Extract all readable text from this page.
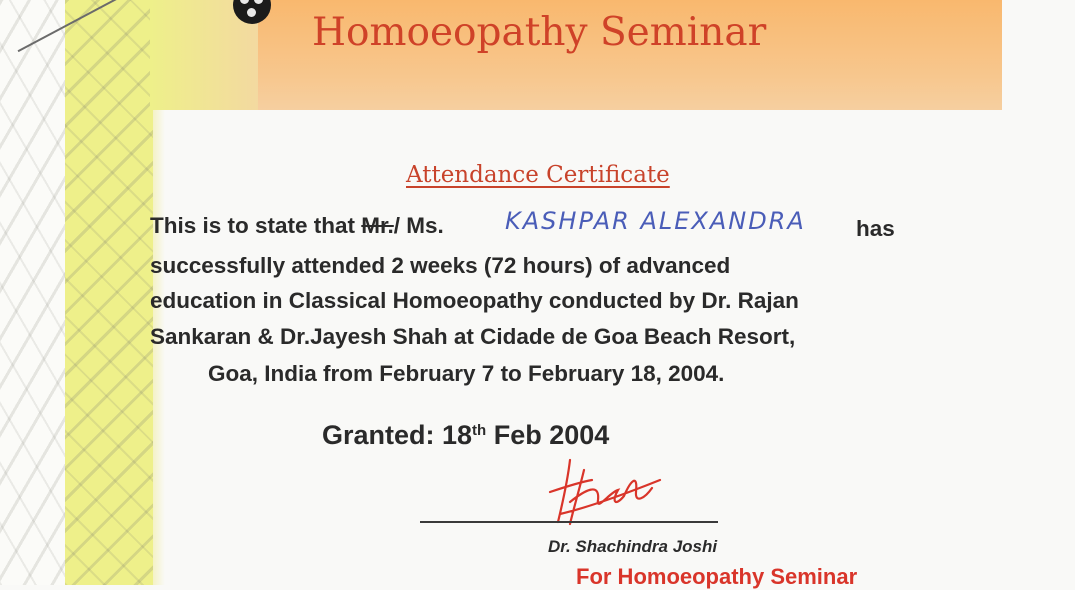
Homoeopathy Seminar
Attendance Certificate
This is to state that Mr./ Ms.	KASHPAR ALEXANDRA has
successfully attended 2 weeks (72 hours) of advanced
education in Classical Homoeopathy conducted by Dr. Rajan
Sankaran & Dr.Jayesh Shah at Cidade de Goa Beach Resort,
Goa, India from February 7 to February 18, 2004.
Granted: 18th Feb 2004
Dr. Shachindra Joshi
For Homoeopathy Seminar
